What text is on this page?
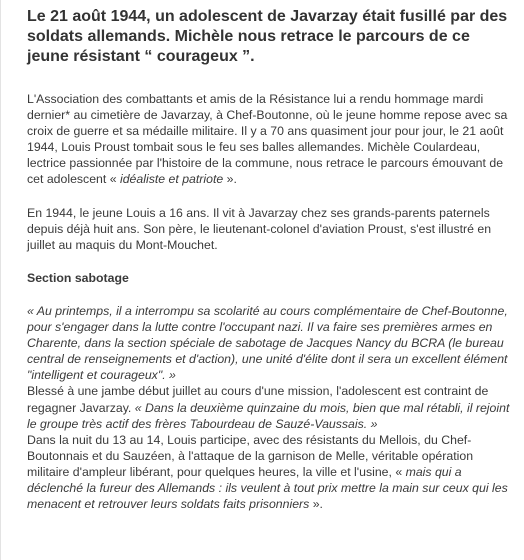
Le 21 août 1944, un adolescent de Javarzay était fusillé par des soldats allemands. Michèle nous retrace le parcours de ce jeune résistant “ courageux ”.

L'Association des combattants et amis de la Résistance lui a rendu hommage mardi dernier* au cimetière de Javarzay, à Chef-Boutonne, où le jeune homme repose avec sa croix de guerre et sa médaille militaire. Il y a 70 ans quasiment jour pour jour, le 21 août 1944, Louis Proust tombait sous le feu ses balles allemandes. Michèle Coulardeau, lectrice passionnée par l'histoire de la commune, nous retrace le parcours émouvant de cet adolescent « idéaliste et patriote ».

En 1944, le jeune Louis a 16 ans. Il vit à Javarzay chez ses grands-parents paternels depuis déjà huit ans. Son père, le lieutenant-colonel d'aviation Proust, s'est illustré en juillet au maquis du Mont-Mouchet.

Section sabotage

« Au printemps, il a interrompu sa scolarité au cours complémentaire de Chef-Boutonne, pour s'engager dans la lutte contre l'occupant nazi. Il va faire ses premières armes en Charente, dans la section spéciale de sabotage de Jacques Nancy du BCRA (le bureau central de renseignements et d'action), une unité d'élite dont il sera un excellent élément "intelligent et courageux". »

Blessé à une jambe début juillet au cours d'une mission, l'adolescent est contraint de regagner Javarzay. « Dans la deuxième quinzaine du mois, bien que mal rétabli, il rejoint le groupe très actif des frères Tabourdeau de Sauzé-Vaussais. »

Dans la nuit du 13 au 14, Louis participe, avec des résistants du Mellois, du Chef-Boutonnais et du Sauzéen, à l'attaque de la garnison de Melle, véritable opération militaire d'ampleur libérant, pour quelques heures, la ville et l'usine, « mais qui a déclenché la fureur des Allemands : ils veulent à tout prix mettre la main sur ceux qui les menacent et retrouver leurs soldats faits prisonniers ».
